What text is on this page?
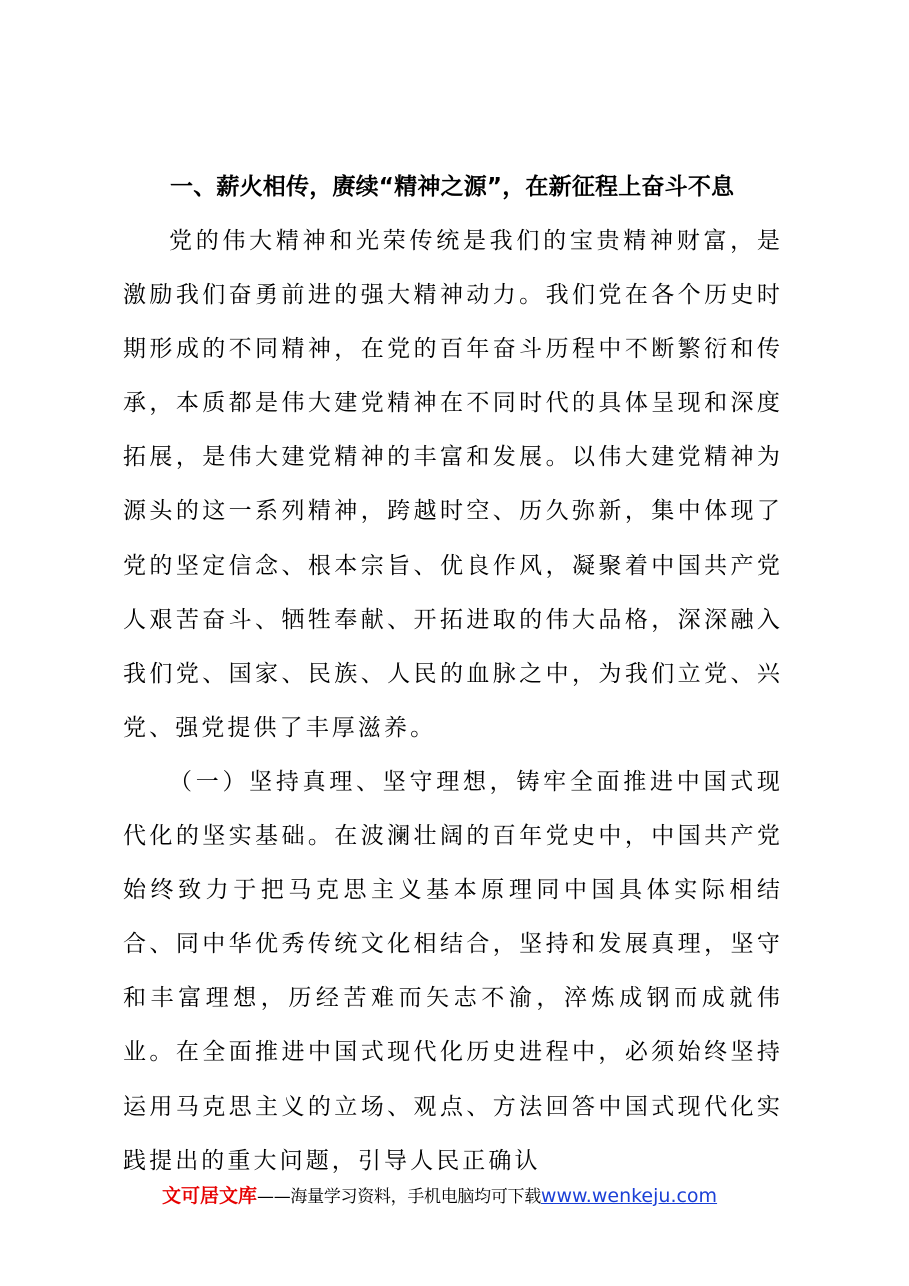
一、薪火相传，赓续“精神之源”，在新征程上奋斗不息

党的伟大精神和光荣传统是我们的宝贵精神财富，是激励我们奋勇前进的强大精神动力。我们党在各个历史时期形成的不同精神，在党的百年奋斗历程中不断繁衍和传承，本质都是伟大建党精神在不同时代的具体呈现和深度拓展，是伟大建党精神的丰富和发展。以伟大建党精神为源头的这一系列精神，跨越时空、历久弥新，集中体现了党的坚定信念、根本宗旨、优良作风，凝聚着中国共产党人艰苦奋斗、牺牲奉献、开拓进取的伟大品格，深深融入我们党、国家、民族、人民的血脉之中，为我们立党、兴党、强党提供了丰厚滋养。

（一）坚持真理、坚守理想，铸牢全面推进中国式现代化的坚实基础。在波澜壮阔的百年党史中，中国共产党始终致力于把马克思主义基本原理同中国具体实际相结合、同中华优秀传统文化相结合，坚持和发展真理，坚守和丰富理想，历经苦难而矢志不渝，淬炼成钢而成就伟业。在全面推进中国式现代化历史进程中，必须始终坚持运用马克思主义的立场、观点、方法回答中国式现代化实践提出的重大问题，引导人民正确认

文可居文库——海量学习资料，手机电脑均可下载www.wenkeju.com
